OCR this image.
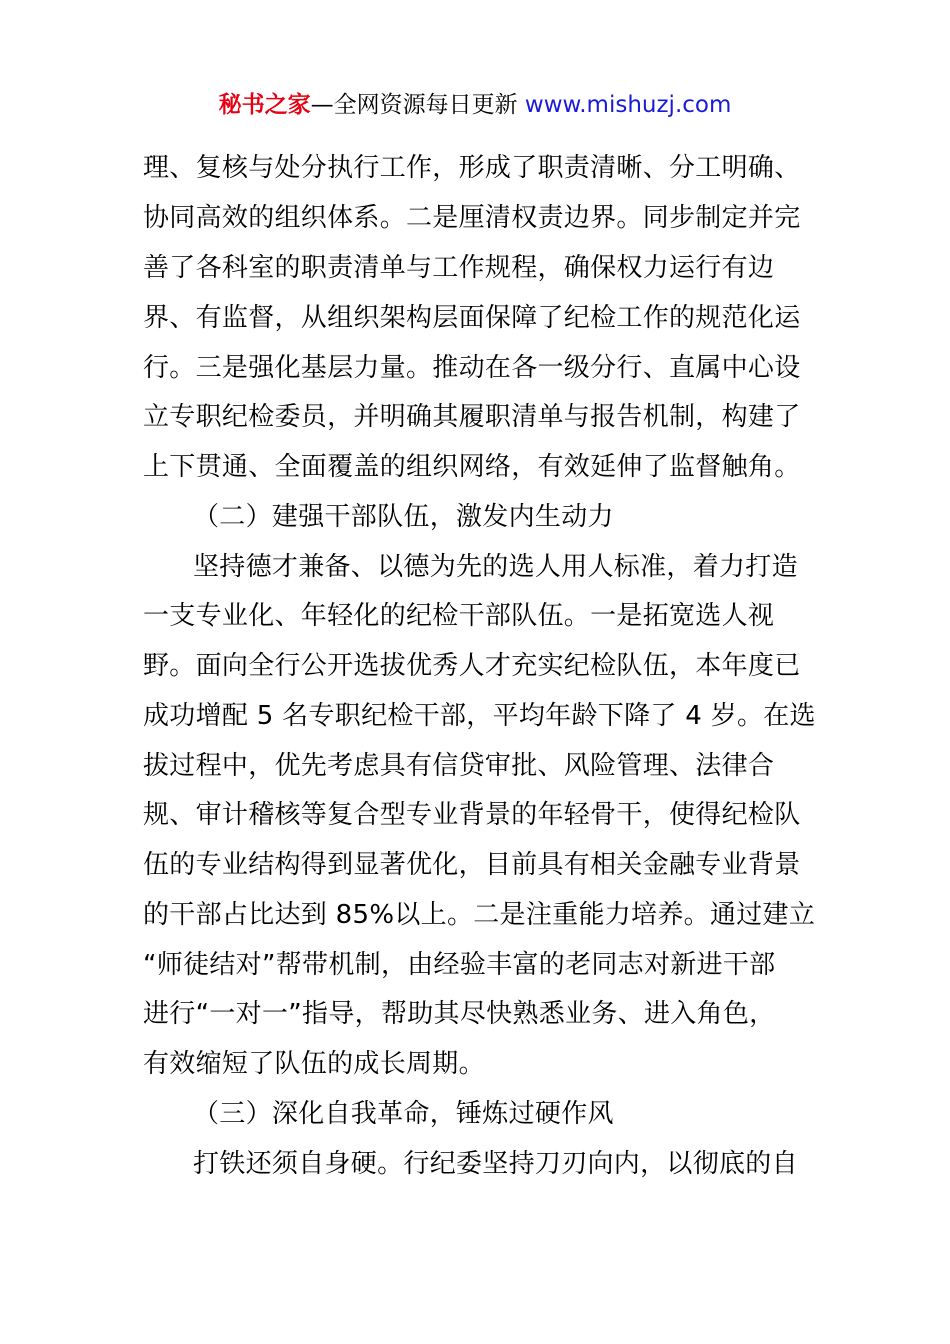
秘书之家—全网资源每日更新 www.mishuzj.com
理、复核与处分执行工作，形成了职责清晰、分工明确、
协同高效的组织体系。二是厘清权责边界。同步制定并完
善了各科室的职责清单与工作规程，确保权力运行有边
界、有监督，从组织架构层面保障了纪检工作的规范化运
行。三是强化基层力量。推动在各一级分行、直属中心设
立专职纪检委员，并明确其履职清单与报告机制，构建了
上下贯通、全面覆盖的组织网络，有效延伸了监督触角。
（二）建强干部队伍，激发内生动力
坚持德才兼备、以德为先的选人用人标准，着力打造
一支专业化、年轻化的纪检干部队伍。一是拓宽选人视
野。面向全行公开选拔优秀人才充实纪检队伍，本年度已
成功增配 5 名专职纪检干部，平均年龄下降了 4 岁。在选
拔过程中，优先考虑具有信贷审批、风险管理、法律合
规、审计稽核等复合型专业背景的年轻骨干，使得纪检队
伍的专业结构得到显著优化，目前具有相关金融专业背景
的干部占比达到 85%以上。二是注重能力培养。通过建立
“师徒结对”帮带机制，由经验丰富的老同志对新进干部
进行“一对一”指导，帮助其尽快熟悉业务、进入角色，
有效缩短了队伍的成长周期。
（三）深化自我革命，锤炼过硬作风
打铁还须自身硬。行纪委坚持刀刃向内，以彻底的自
